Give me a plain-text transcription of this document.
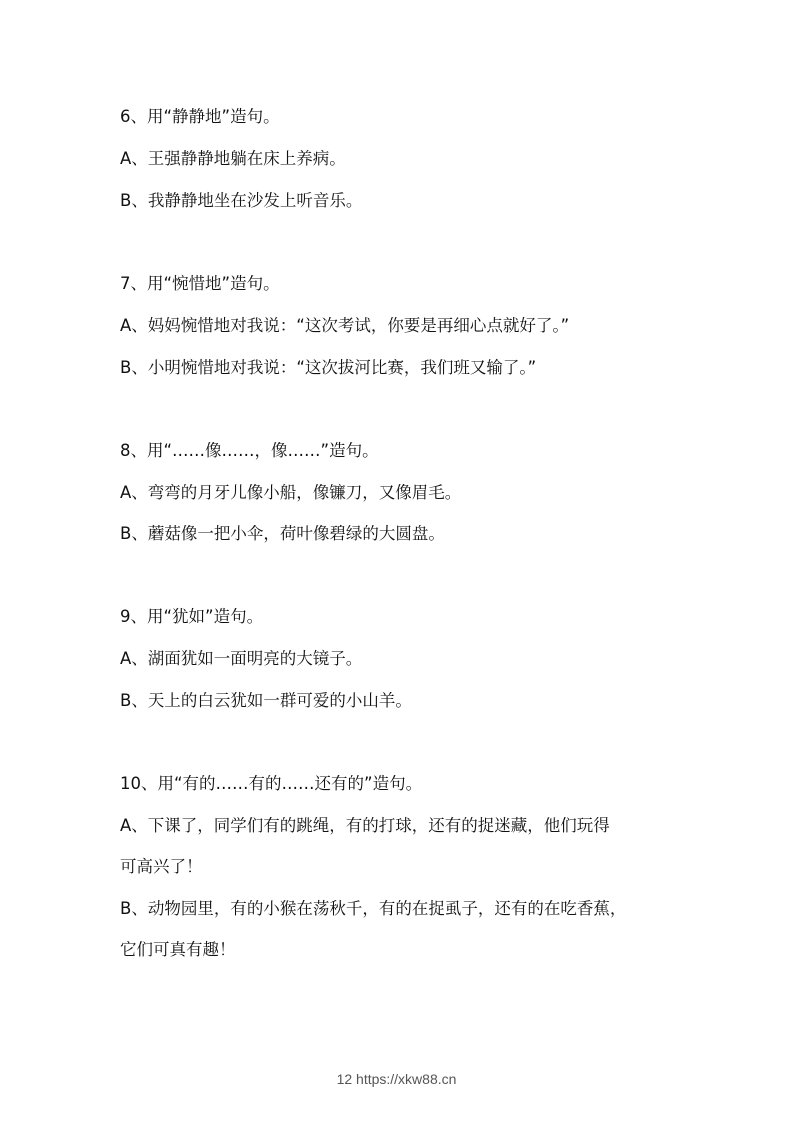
6、用“静静地”造句。
A、王强静静地躺在床上养病。
B、我静静地坐在沙发上听音乐。
7、用“惋惜地”造句。
A、妈妈惋惜地对我说：“这次考试，你要是再细心点就好了。”
B、小明惋惜地对我说：“这次拔河比赛，我们班又输了。”
8、用“……像……，像……”造句。
A、弯弯的月牙儿像小船，像镰刀，又像眉毛。
B、蘑菇像一把小伞，荷叶像碧绿的大圆盘。
9、用“犹如”造句。
A、湖面犹如一面明亮的大镜子。
B、天上的白云犹如一群可爱的小山羊。
10、用“有的……有的……还有的”造句。
A、下课了，同学们有的跳绳，有的打球，还有的捉迷藏，他们玩得
可高兴了！
B、动物园里，有的小猴在荡秋千，有的在捉虱子，还有的在吃香蕉，
它们可真有趣！
12 https://xkw88.cn
